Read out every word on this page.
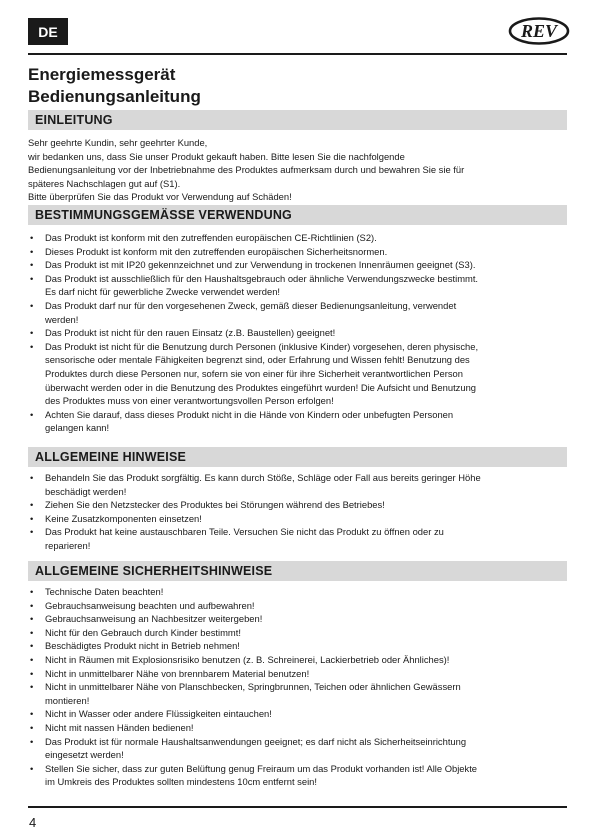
DE	REV

Energiemessgerät

Bedienungsanleitung

EINLEITUNG

Sehr geehrte Kundin, sehr geehrter Kunde,

wir bedanken uns, dass Sie unser Produkt gekauft haben. Bitte lesen Sie die nachfolgende

Bedienungsanleitung vor der Inbetriebnahme des Produktes aufmerksam durch und bewahren Sie sie für

späteres Nachschlagen gut auf (S1).

Bitte überprüfen Sie das Produkt vor Verwendung auf Schäden!

BESTIMMUNGSGEMÄSSE VERWENDUNG
• Das Produkt ist konform mit den zutreffenden europäischen CE-Richtlinien (S2).
• Dieses Produkt ist konform mit den zutreffenden europäischen Sicherheitsnormen.
• Das Produkt ist mit IP20 gekennzeichnet und zur Verwendung in trockenen Innenräumen geeignet (S3).
• Das Produkt ist ausschließlich für den Haushaltsgebrauch oder ähnliche Verwendungszwecke bestimmt.
Es darf nicht für gewerbliche Zwecke verwendet werden!
• Das Produkt darf nur für den vorgesehenen Zweck, gemäß dieser Bedienungsanleitung, verwendet
werden!
• Das Produkt ist nicht für den rauen Einsatz (z.B. Baustellen) geeignet!
• Das Produkt ist nicht für die Benutzung durch Personen (inklusive Kinder) vorgesehen, deren physische,
sensorische oder mentale Fähigkeiten begrenzt sind, oder Erfahrung und Wissen fehlt! Benutzung des
Produktes durch diese Personen nur, sofern sie von einer für ihre Sicherheit verantwortlichen Person
überwacht werden oder in die Benutzung des Produktes eingeführt wurden! Die Aufsicht und Benutzung
des Produktes muss von einer verantwortungsvollen Person erfolgen!
• Achten Sie darauf, dass dieses Produkt nicht in die Hände von Kindern oder unbefugten Personen
gelangen kann!
ALLGEMEINE HINWEISE
• Behandeln Sie das Produkt sorgfältig. Es kann durch Stöße, Schläge oder Fall aus bereits geringer Höhe
beschädigt werden!
• Ziehen Sie den Netzstecker des Produktes bei Störungen während des Betriebes!
• Keine Zusatzkomponenten einsetzen!
• Das Produkt hat keine austauschbaren Teile. Versuchen Sie nicht das Produkt zu öffnen oder zu
reparieren!
ALLGEMEINE SICHERHEITSHINWEISE
• Technische Daten beachten!
• Gebrauchsanweisung beachten und aufbewahren!
• Gebrauchsanweisung an Nachbesitzer weitergeben!
• Nicht für den Gebrauch durch Kinder bestimmt!
• Beschädigtes Produkt nicht in Betrieb nehmen!
• Nicht in Räumen mit Explosionsrisiko benutzen (z. B. Schreinerei, Lackierbetrieb oder Ähnliches)!
• Nicht in unmittelbarer Nähe von brennbarem Material benutzen!
• Nicht in unmittelbarer Nähe von Planschbecken, Springbrunnen, Teichen oder ähnlichen Gewässern
montieren!
• Nicht in Wasser oder andere Flüssigkeiten eintauchen!
• Nicht mit nassen Händen bedienen!
• Das Produkt ist für normale Haushaltsanwendungen geeignet; es darf nicht als Sicherheitseinrichtung
eingesetzt werden!
• Stellen Sie sicher, dass zur guten Belüftung genug Freiraum um das Produkt vorhanden ist! Alle Objekte
im Umkreis des Produktes sollten mindestens 10cm entfernt sein!
4
